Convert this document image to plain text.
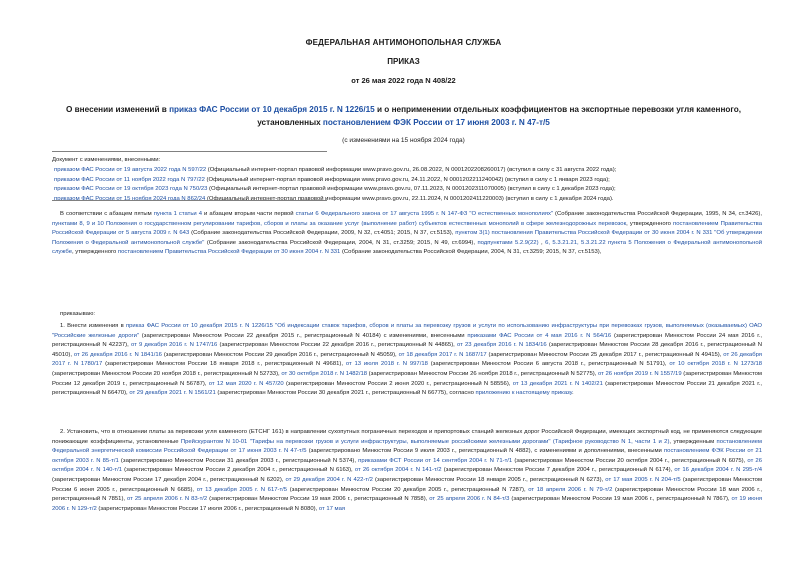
ФЕДЕРАЛЬНАЯ АНТИМОНОПОЛЬНАЯ СЛУЖБА
ПРИКАЗ
от 26 мая 2022 года N 408/22
О внесении изменений в приказ ФАС России от 10 декабря 2015 г. N 1226/15 и о неприменении отдельных коэффициентов на экспортные перевозки угля каменного, установленных постановлением ФЭК России от 17 июня 2003 г. N 47-т/5
(с изменениями на 15 ноября 2024 года)
Документ с изменениями, внесенными:
приказом ФАС России от 19 августа 2022 года N 597/22 (Официальный интернет-портал правовой информации www.pravo.gov.ru, 26.08.2022, N 0001202208260017) (вступил в силу с 31 августа 2022 года);
приказом ФАС России от 11 ноября 2022 года N 797/22 (Официальный интернет-портал правовой информации www.pravo.gov.ru, 24.11.2022, N 0001202211240042) (вступил в силу с 1 января 2023 года);
приказом ФАС России от 19 октября 2023 года N 750/23 (Официальный интернет-портал правовой информации www.pravo.gov.ru, 07.11.2023, N 0001202311070005) (вступил в силу с 1 декабря 2023 года);
приказом ФАС России от 15 ноября 2024 года N 862/24 (Официальный интернет-портал правовой информации www.pravo.gov.ru, 22.11.2024, N 0001202411220003) (вступил в силу с 1 декабря 2024 года).
В соответствии с абзацем пятым пункта 1 статьи 4 и абзацем вторым части первой статьи 6 Федерального закона от 17 августа 1995 г. N 147-ФЗ "О естественных монополиях" (Собрание законодательства Российской Федерации, 1995, N 34, ст.3426), пунктами 8, 9 и 10 Положения о государственном регулировании тарифов, сборов и платы за оказание услуг (выполнение работ) субъектов естественных монополий в сфере железнодорожных перевозок, утвержденного постановлением Правительства Российской Федерации от 5 августа 2009 г. N 643 (Собрание законодательства Российской Федерации, 2009, N 32, ст.4051; 2015, N 37, ст.5153), пунктом 3(1) постановления Правительства Российской Федерации от 30 июня 2004 г. N 331 "Об утверждении Положения о Федеральной антимонопольной службе" (Собрание законодательства Российской Федерации, 2004, N 31, ст.3259; 2015, N 49, ст.6994), подпунктами 5.2.9(22) , 6, 5.3.21.21, 5.3.21.22 пункта 5 Положения о Федеральной антимонопольной службе, утвержденного постановлением Правительства Российской Федерации от 30 июня 2004 г. N 331 (Собрание законодательства Российской Федерации, 2004, N 31, ст.3259; 2015, N 37, ст.5153),
приказываю:
1. Внести изменения в приказ ФАС России от 10 декабря 2015 г. N 1226/15 "Об индексации ставок тарифов, сборов и платы за перевозку грузов и услуги по использованию инфраструктуры при перевозках грузов, выполняемых (оказываемых) ОАО "Российские железные дороги" (зарегистрирован Минюстом России 22 декабря 2015 г., регистрационный N 40184) с изменениями, внесенными приказами ФАС России от 4 мая 2016 г. N 564/16 (зарегистрирован Минюстом России 24 мая 2016 г., регистрационный N 42237), от 9 декабря 2016 г. N 1747/16 (зарегистрирован Минюстом России 22 декабря 2016 г., регистрационный N 44865), от 23 декабря 2016 г. N 1834/16 (зарегистрирован Минюстом России 28 декабря 2016 г., регистрационный N 45010), от 26 декабря 2016 г. N 1841/16 (зарегистрирован Минюстом России 29 декабря 2016 г., регистрационный N 45059), от 18 декабря 2017 г. N 1687/17 (зарегистрирован Минюстом России 25 декабря 2017 г., регистрационный N 49415), от 26 декабря 2017 г. N 1780/17 (зарегистрирован Минюстом России 18 января 2018 г., регистрационный N 49681), от 13 июля 2018 г. N 997/18 (зарегистрирован Минюстом России 6 августа 2018 г., регистрационный N 51791), от 10 октября 2018 г. N 1273/18 (зарегистрирован Минюстом России 20 ноября 2018 г., регистрационный N 52733), от 30 октября 2018 г. N 1482/18 (зарегистрирован Минюстом России 26 ноября 2018 г., регистрационный N 52775), от 26 ноября 2019 г. N 1557/19 (зарегистрирован Минюстом России 12 декабря 2019 г., регистрационный N 56787), от 12 мая 2020 г. N 457/20 (зарегистрирован Минюстом России 2 июня 2020 г., регистрационный N 58556), от 13 декабря 2021 г. N 1402/21 (зарегистрирован Минюстом России 21 декабря 2021 г., регистрационный N 66470), от 29 декабря 2021 г. N 1561/21 (зарегистрирован Минюстом России 30 декабря 2021 г., регистрационный N 66775), согласно приложению к настоящему приказу.
2. Установить, что в отношении платы за перевозки угля каменного (ЕТСНГ 161) в направлении сухопутных пограничных переходов и припортовых станций железных дорог Российской Федерации, имеющих экспортный код, не применяются следующие понижающие коэффициенты, установленные Прейскурантом N 10-01 "Тарифы на перевозки грузов и услуги инфраструктуры, выполняемые российскими железными дорогами" (Тарифное руководство N 1, части 1 и 2), утвержденным постановлением Федеральной энергетической комиссии Российской Федерации от 17 июня 2003 г. N 47-т/5 (зарегистрировано Минюстом России 9 июля 2003 г., регистрационный N 4882), с изменениями и дополнениями, внесенными постановлением ФЭК России от 21 октября 2003 г. N 85-т/1 (зарегистрировано Минюстом России 31 декабря 2003 г., регистрационный N 5374), приказами ФСТ России от 14 сентября 2004 г. N 71-т/1 (зарегистрирован Минюстом России 20 октября 2004 г., регистрационный N 6075), от 26 октября 2004 г. N 140-т/1 (зарегистрирован Минюстом России 2 декабря 2004 г., регистрационный N 6163), от 26 октября 2004 г. N 141-т/2 (зарегистрирован Минюстом России 7 декабря 2004 г., регистрационный N 6174), от 16 декабря 2004 г. N 295-т/4 (зарегистрирован Минюстом России 17 декабря 2004 г., регистрационный N 6202), от 29 декабря 2004 г. N 422-т/2 (зарегистрирован Минюстом России 18 января 2005 г., регистрационный N 6273), от 17 мая 2005 г. N 204-т/5 (зарегистрирован Минюстом России 6 июня 2005 г., регистрационный N 6685), от 13 декабря 2005 г. N 617-т/5 (зарегистрирован Минюстом России 20 декабря 2005 г., регистрационный N 7287), от 18 апреля 2006 г. N 79-т/2 (зарегистрирован Минюстом России 18 мая 2006 г., регистрационный N 7851), от 25 апреля 2006 г. N 83-т/2 (зарегистрирован Минюстом России 19 мая 2006 г., регистрационный N 7858), от 25 апреля 2006 г. N 84-т/3 (зарегистрирован Минюстом России 19 мая 2006 г., регистрационный N 7867), от 19 июня 2006 г. N 129-т/2 (зарегистрирован Минюстом России 17 июля 2006 г., регистрационный N 8080), от 17 мая
